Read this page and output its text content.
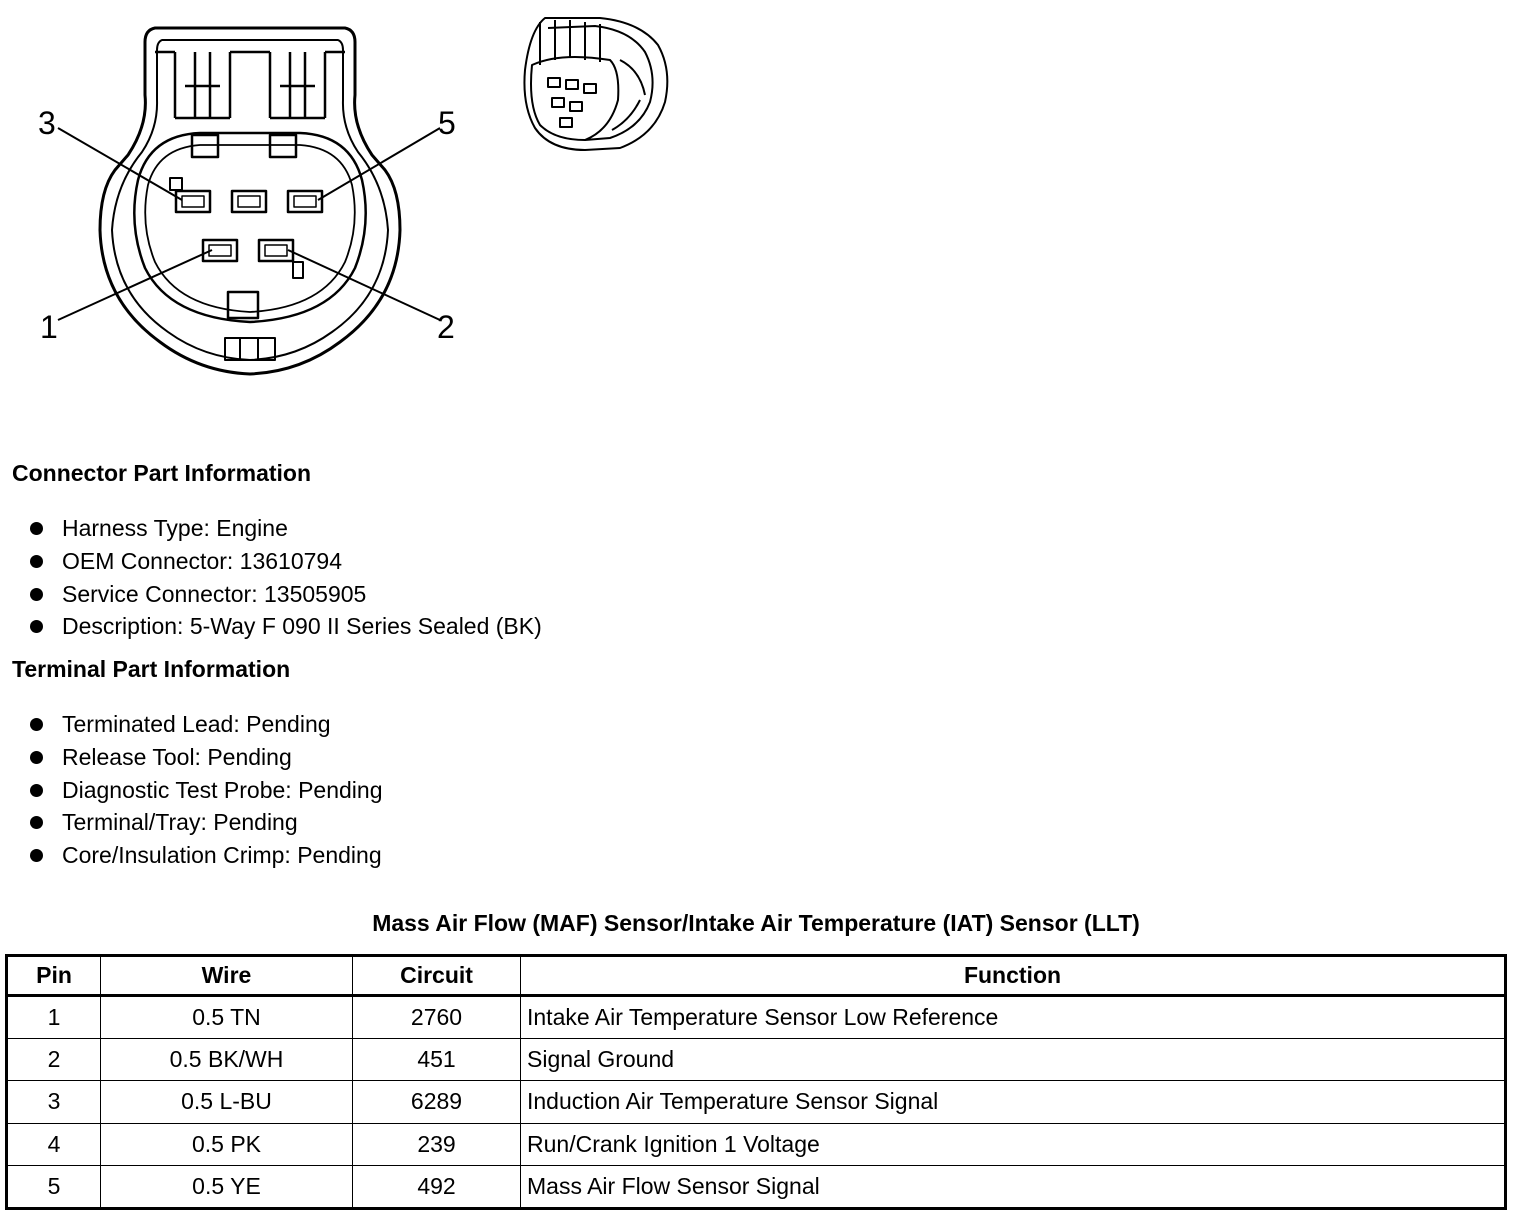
3	5
1	2
Connector Part Information
Harness Type: Engine
OEM Connector: 13610794
Service Connector: 13505905
Description: 5-Way F 090 II Series Sealed (BK)
Terminal Part Information
Terminated Lead: Pending
Release Tool: Pending
Diagnostic Test Probe: Pending
Terminal/Tray: Pending
Core/Insulation Crimp: Pending
Mass Air Flow (MAF) Sensor/Intake Air Temperature (IAT) Sensor (LLT)
Pin	Wire	Circuit	Function
1	0.5 TN	2760	Intake Air Temperature Sensor Low Reference
2	0.5 BK/WH	451	Signal Ground
3	0.5 L-BU	6289	Induction Air Temperature Sensor Signal
4	0.5 PK	239	Run/Crank Ignition 1 Voltage
5	0.5 YE	492	Mass Air Flow Sensor Signal
